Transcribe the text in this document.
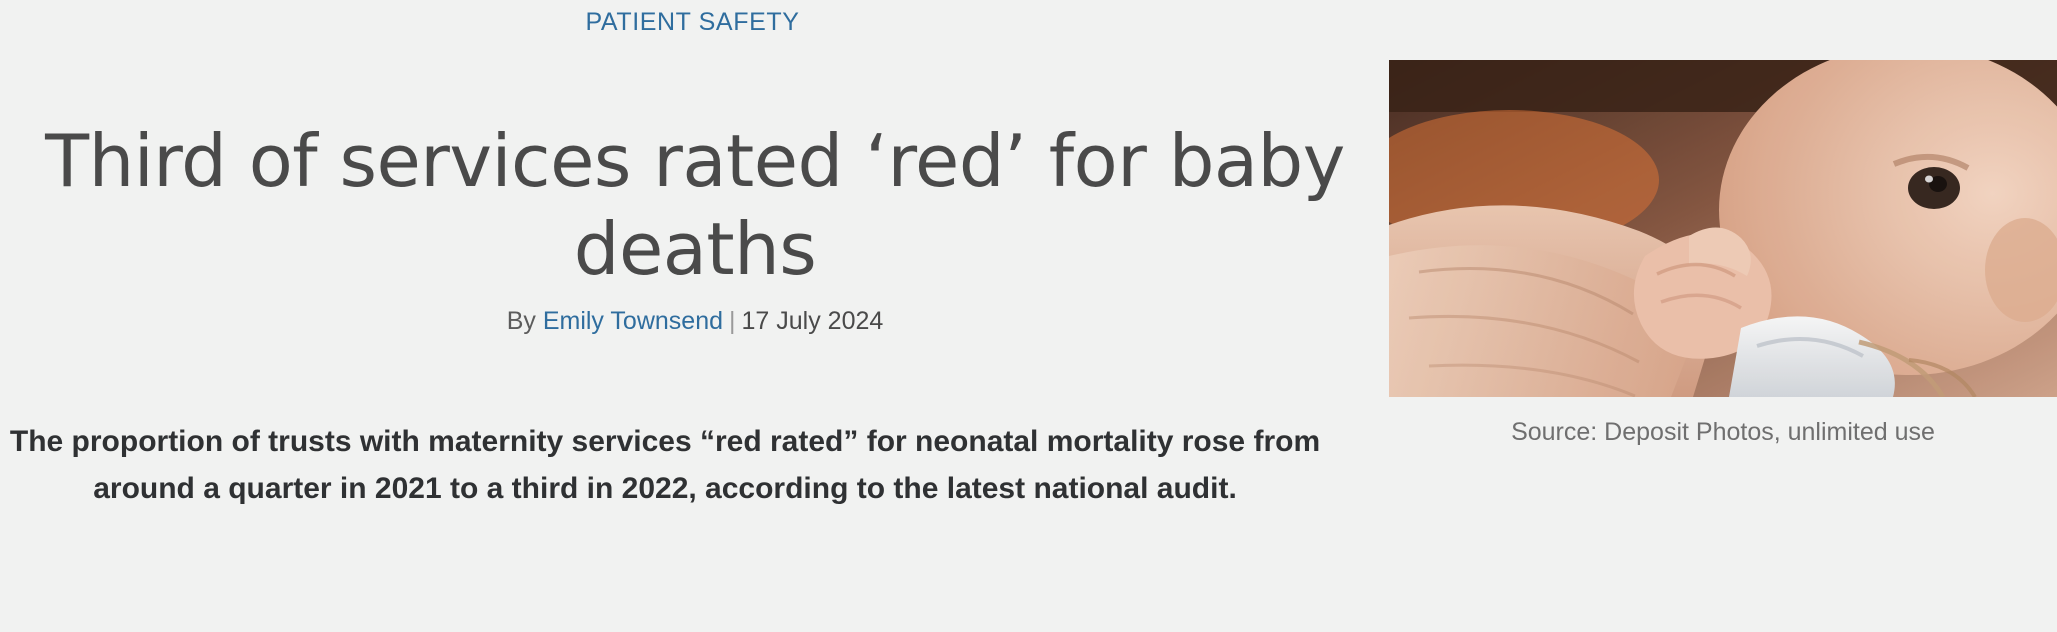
PATIENT SAFETY
Third of services rated ‘red’ for baby deaths
By Emily Townsend | 17 July 2024

The proportion of trusts with maternity services “red rated” for neonatal mortality rose from around a quarter in 2021 to a third in 2022, according to the latest national audit.

Source: Deposit Photos, unlimited use
